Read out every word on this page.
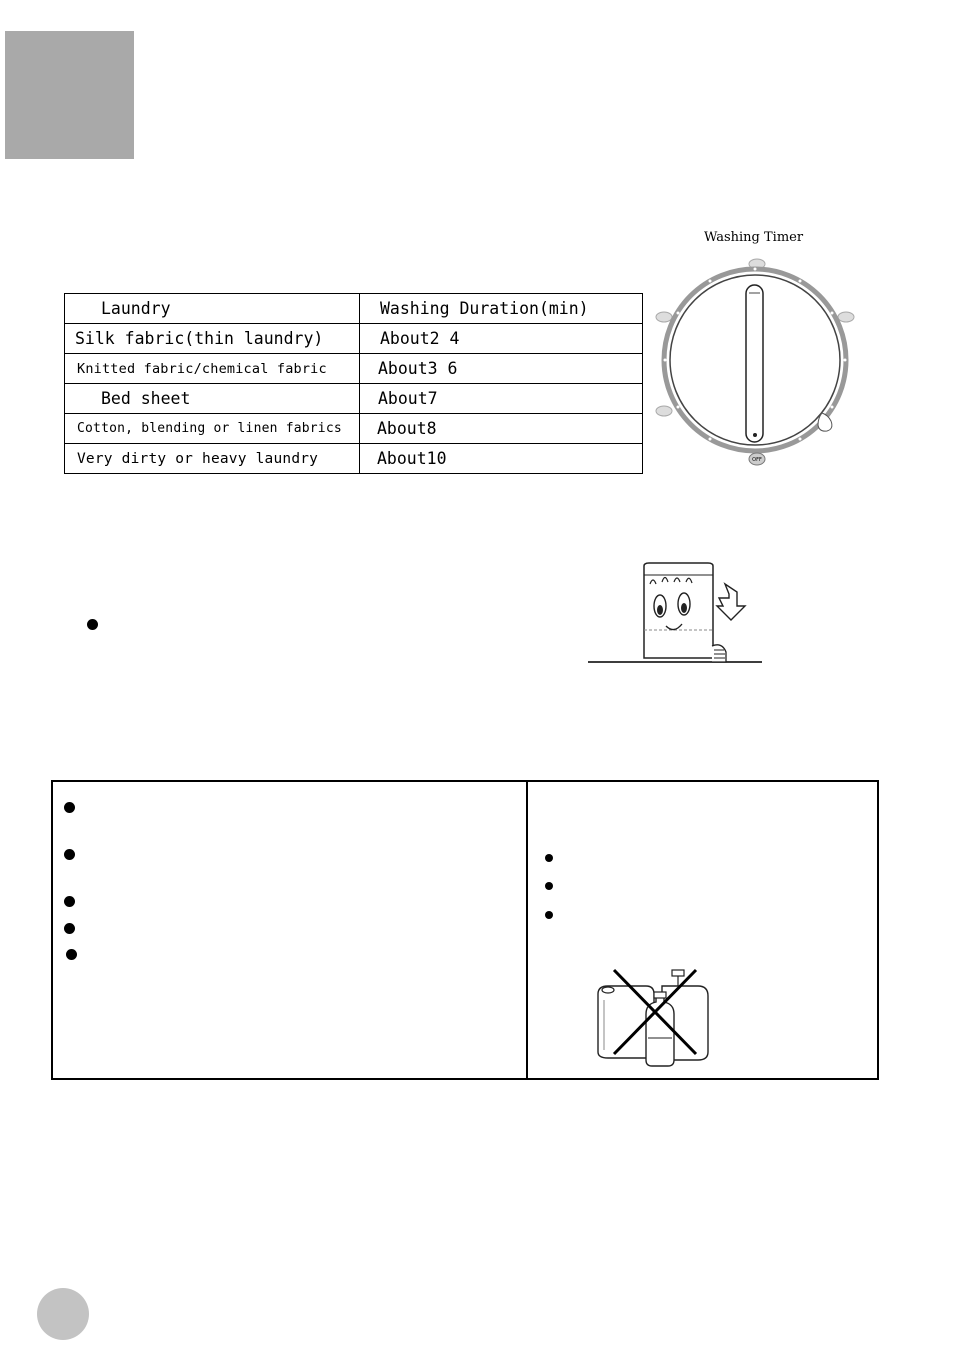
Laundry	Washing Duration(min)
Silk fabric(thin laundry)	About2 4
Knitted fabric/chemical fabric	About3 6
Bed sheet	About7
Cotton, blending or linen fabrics	About8
Very dirty or heavy laundry	About10
Washing Timer
OFF
